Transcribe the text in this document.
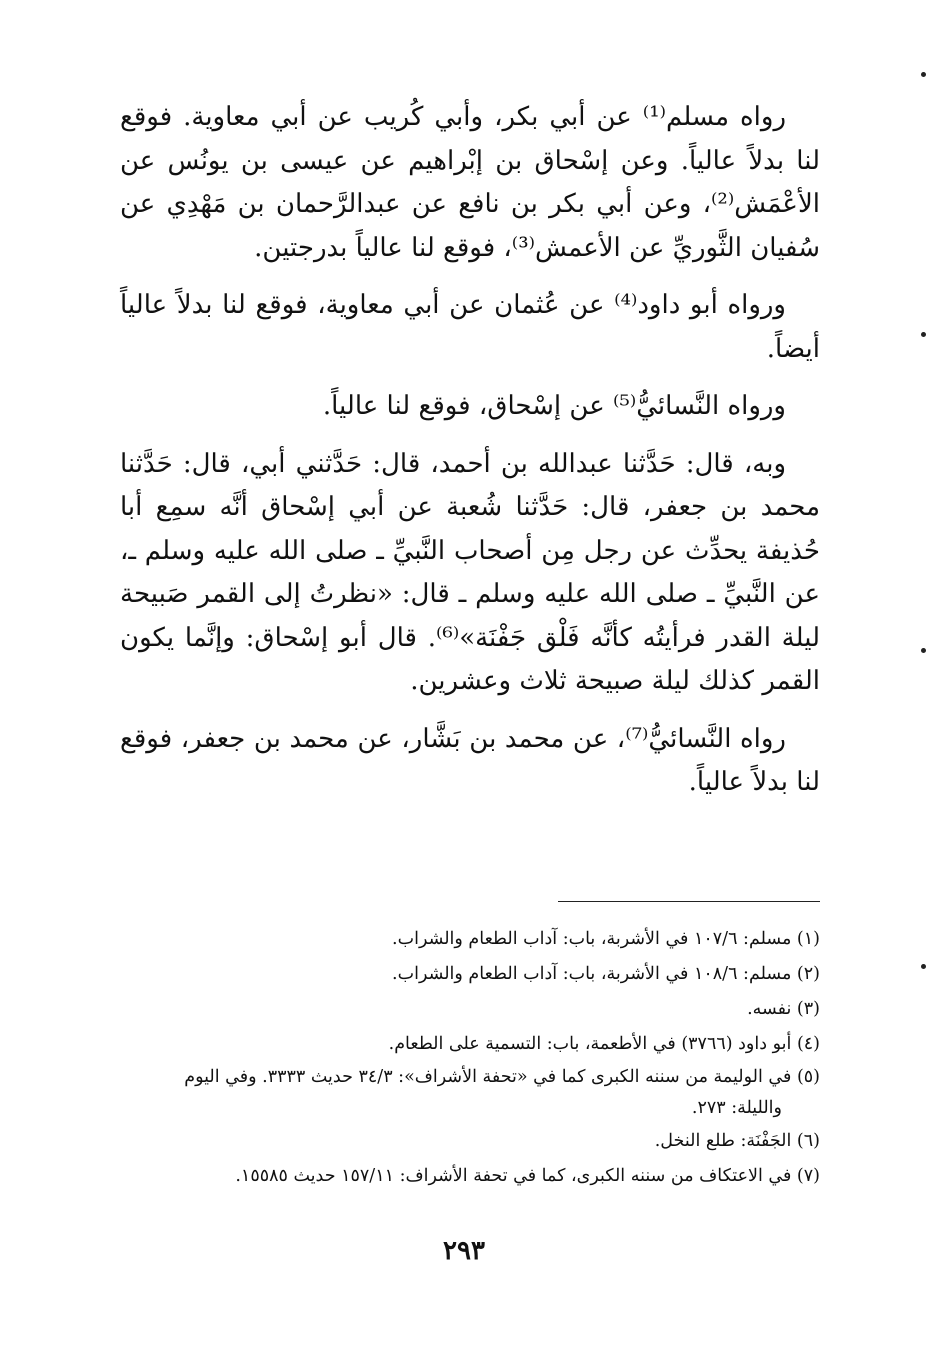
رواه مسلم⁽¹⁾ عن أبي بكر، وأبي كُريب عن أبي معاوية. فوقع لنا بدلاً عالياً. وعن إسْحاق بن إبْراهيم عن عيسى بن يونُس عن الأعْمَش⁽²⁾، وعن أبي بكر بن نافع عن عبدالرَّحمان بن مَهْدِي عن سُفيان الثَّوريِّ عن الأعمش⁽³⁾، فوقع لنا عالياً بدرجتين.

ورواه أبو داود⁽⁴⁾ عن عُثمان عن أبي معاوية، فوقع لنا بدلاً عالياً أيضاً.

ورواه النَّسائيُّ⁽⁵⁾ عن إسْحاق، فوقع لنا عالياً.

وبه، قال: حَدَّثنا عبدالله بن أحمد، قال: حَدَّثني أبي، قال: حَدَّثنا محمد بن جعفر، قال: حَدَّثنا شُعبة عن أبي إسْحاق أنَّه سمِع أبا حُذيفة يحدِّث عن رجل مِن أصحاب النَّبيِّ ـ صلى الله عليه وسلم ـ، عن النَّبيِّ ـ صلى الله عليه وسلم ـ قال: «نظرتُ إلى القمر صَبيحة ليلة القدر فرأيتُه كأنَّه فَلْق جَفْنَة»⁽⁶⁾. قال أبو إسْحاق: وإنَّما يكون القمر كذلك ليلة صبيحة ثلاث وعشرين.

رواه النَّسائيُّ⁽⁷⁾، عن محمد بن بَشَّار، عن محمد بن جعفر، فوقع لنا بدلاً عالياً.

(١) مسلم: ١٠٧/٦ في الأشربة، باب: آداب الطعام والشراب.

(٢) مسلم: ١٠٨/٦ في الأشربة، باب: آداب الطعام والشراب.

(٣) نفسه.

(٤) أبو داود (٣٧٦٦) في الأطعمة، باب: التسمية على الطعام.

(٥) في الوليمة من سننه الكبرى كما في «تحفة الأشراف»: ٣٤/٣ حديث ٣٣٣٣. وفي اليوم والليلة: ٢٧٣.

(٦) الجَفْنَة: طلع النخل.

(٧) في الاعتكاف من سننه الكبرى، كما في تحفة الأشراف: ١٥٧/١١ حديث ١٥٥٨٥.

٢٩٣
